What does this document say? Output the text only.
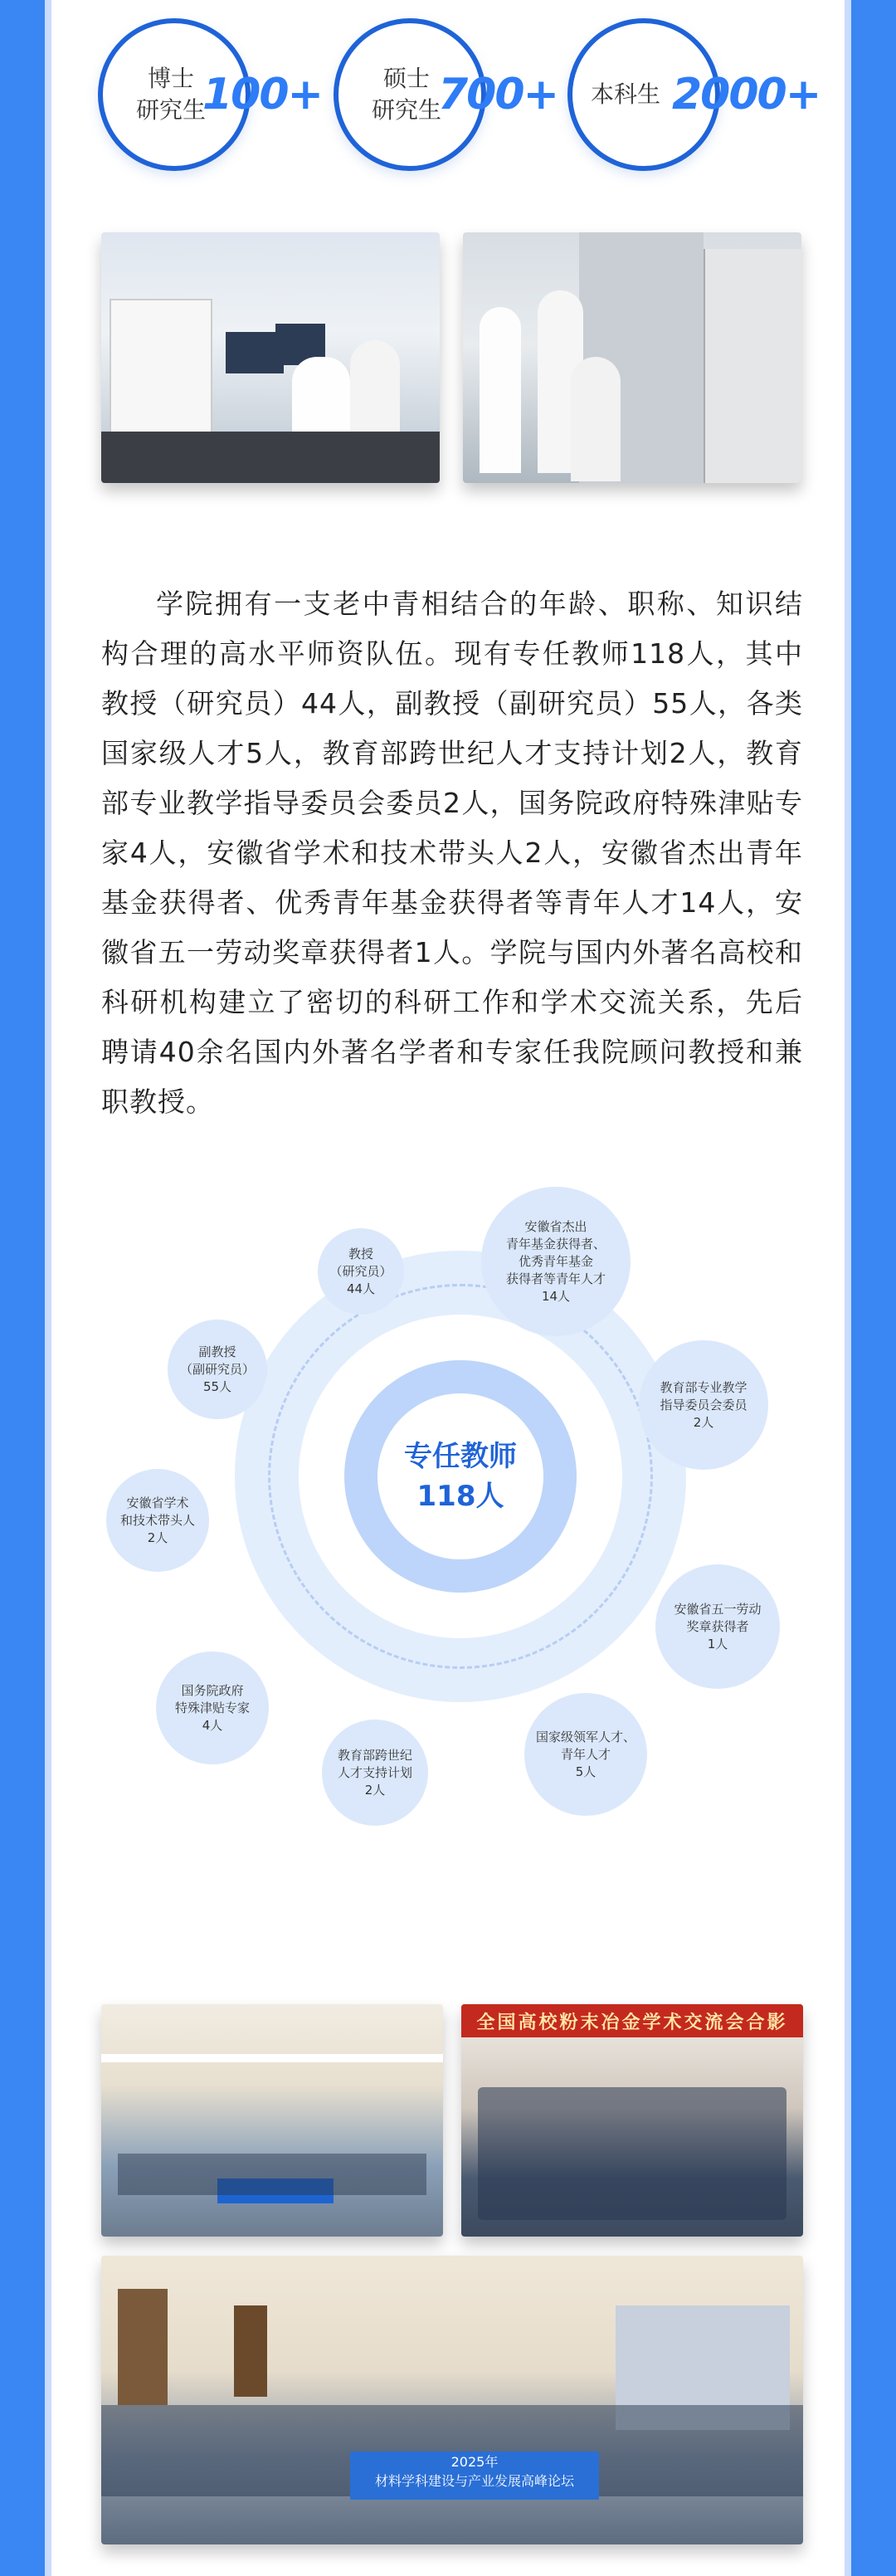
博士
研究生
100+	硕士
研究生
700+ 本科生 2000+
学院拥有一支老中青相结合的年龄、职称、知识结构合理的高水平师资队伍。现有专任教师118人，其中教授（研究员）44人，副教授（副研究员）55人，各类国家级人才5人，教育部跨世纪人才支持计划2人，教育部专业教学指导委员会委员2人，国务院政府特殊津贴专家4人，安徽省学术和技术带头人2人，安徽省杰出青年基金获得者、优秀青年基金获得者等青年人才14人，安徽省五一劳动奖章获得者1人。学院与国内外著名高校和科研机构建立了密切的科研工作和学术交流关系，先后聘请40余名国内外著名学者和专家任我院顾问教授和兼职教授。
专任教师
118人
教授
（研究员）
44人
安徽省杰出
青年基金获得者、
优秀青年基金
获得者等青年人才
14人
副教授
（副研究员）
55人	教育部专业教学
指导委员会委员
2人
安徽省学术
和技术带头人
2人
安徽省五一劳动
奖章获得者
1人
国务院政府
特殊津贴专家
4人
国家级领军人才、
青年人才
5人
教育部跨世纪
人才支持计划
2人
全国高校粉末冶金学术交流会合影
2025年
材料学科建设与产业发展高峰论坛
